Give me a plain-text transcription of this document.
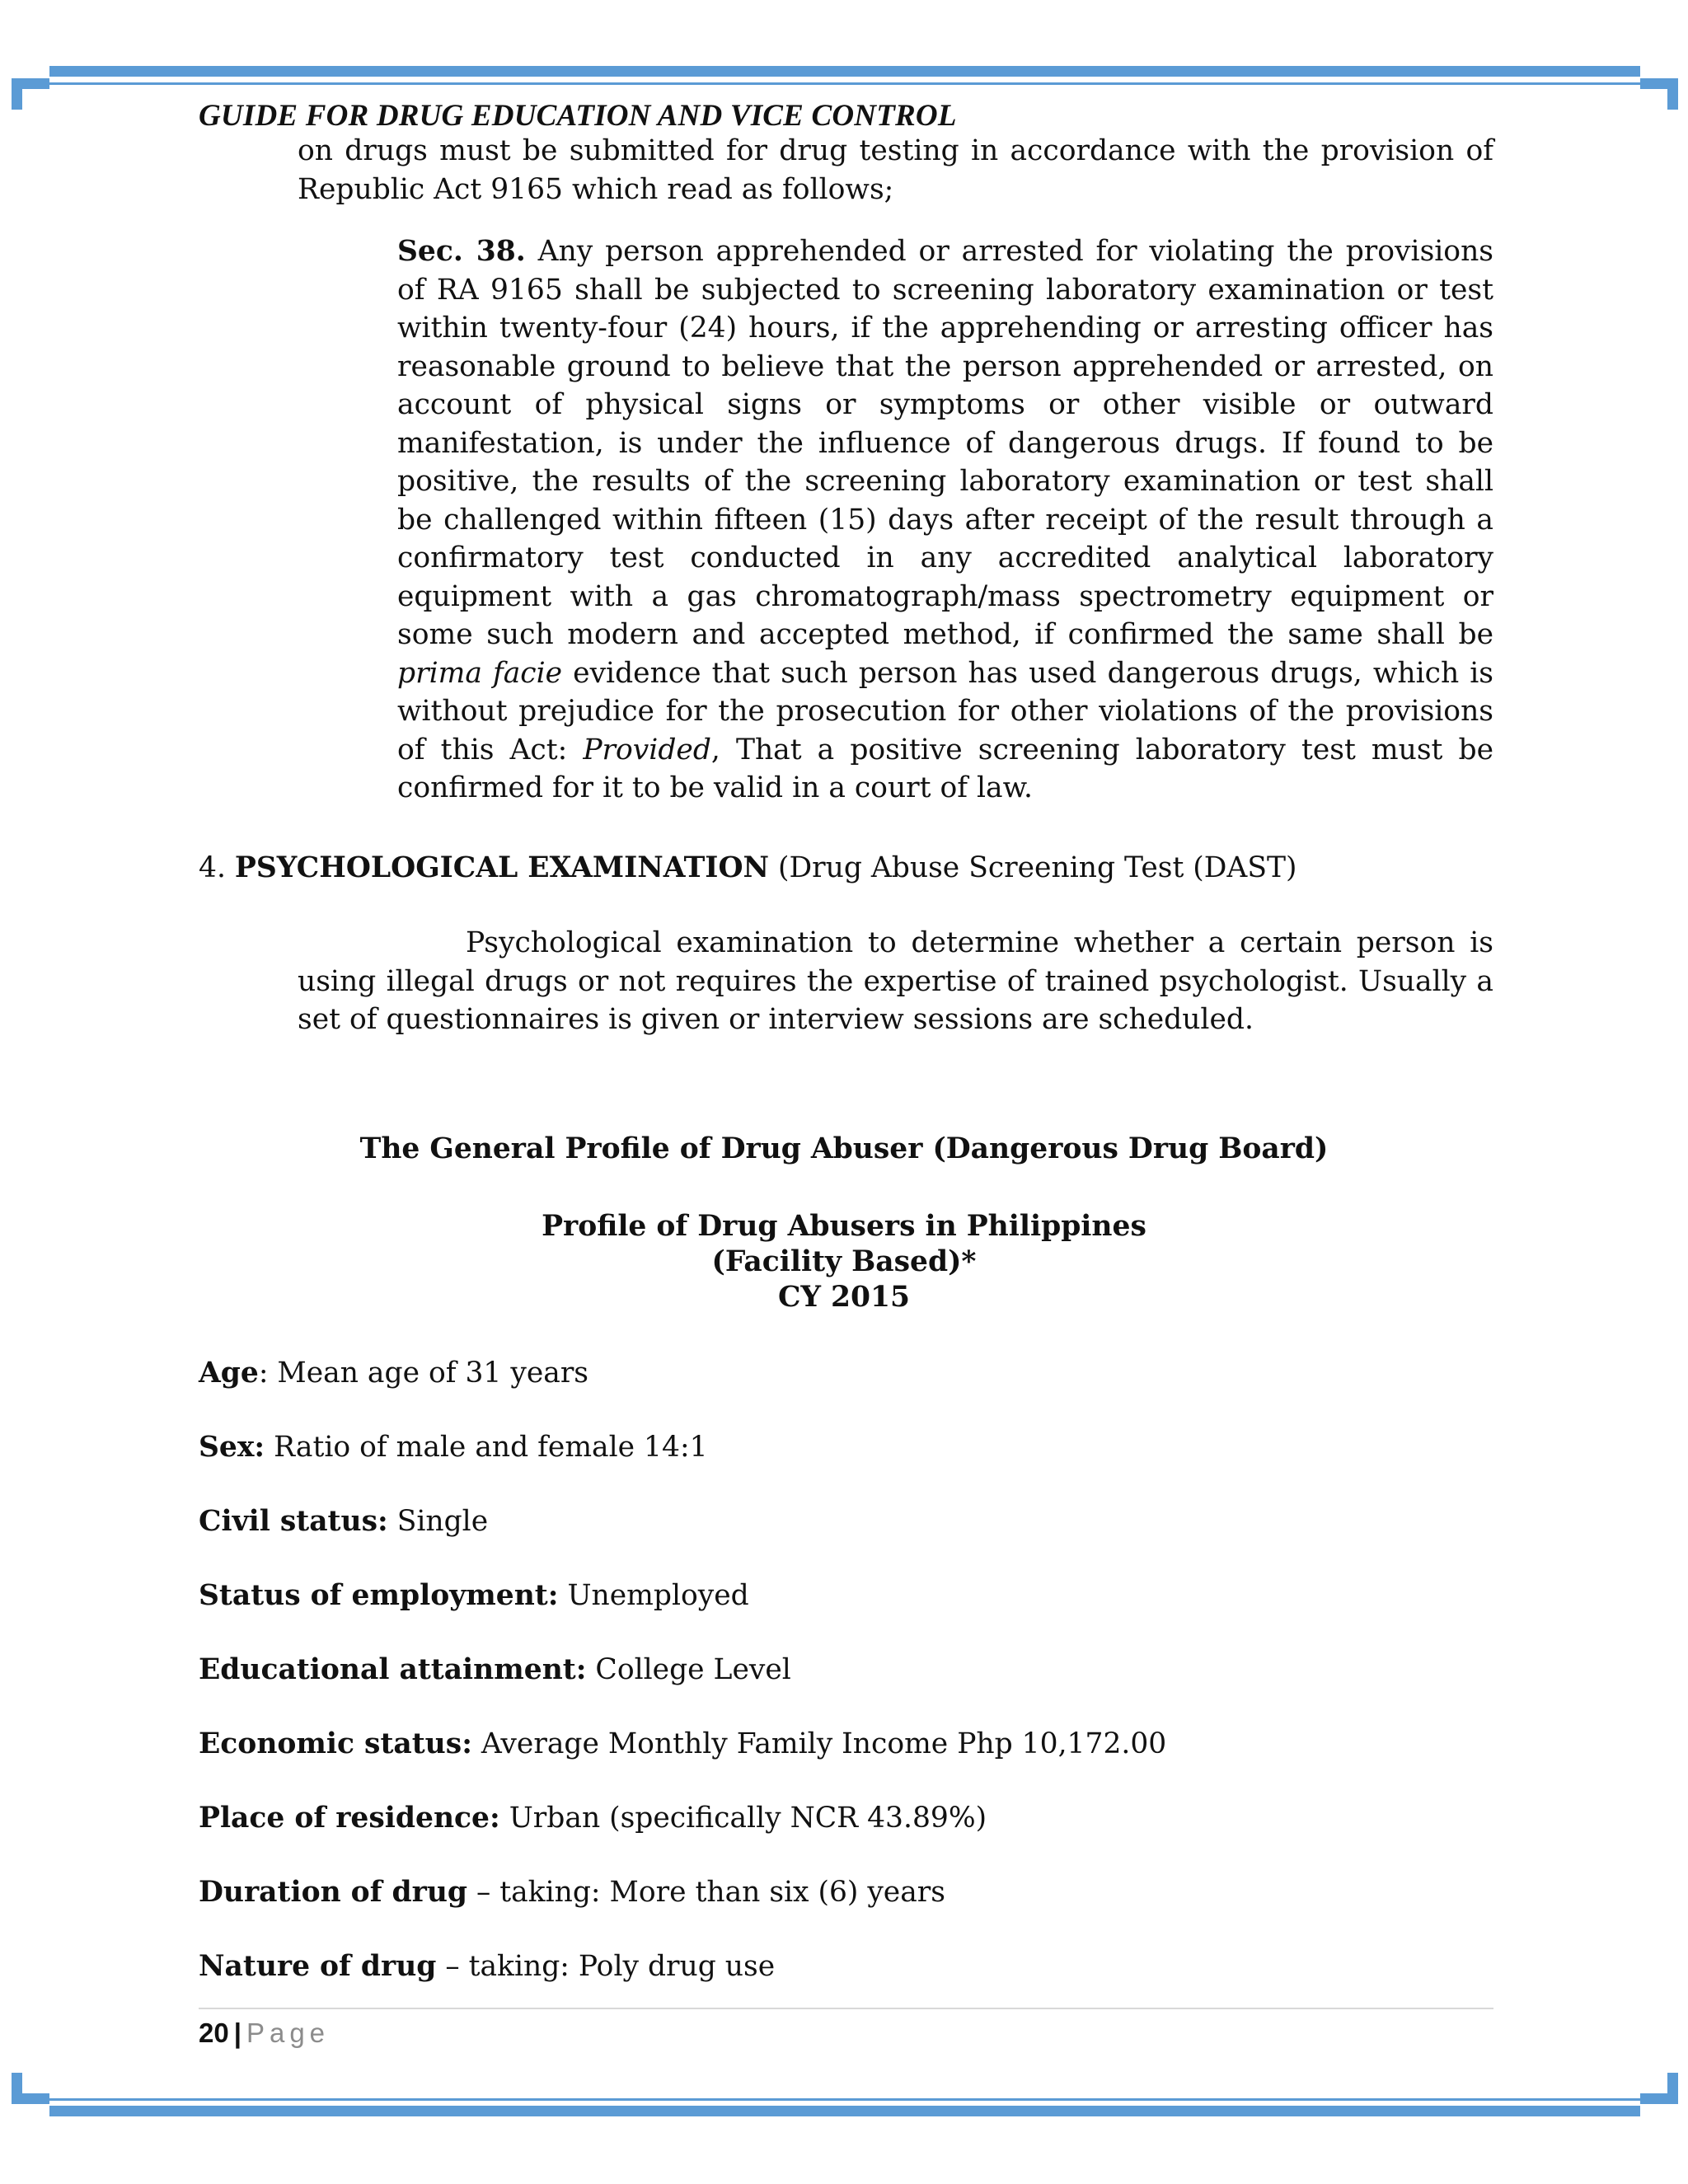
GUIDE FOR DRUG EDUCATION AND VICE CONTROL

on drugs must be submitted for drug testing in accordance with the provision of Republic Act 9165 which read as follows;

Sec. 38. Any person apprehended or arrested for violating the provisions of RA 9165 shall be subjected to screening laboratory examination or test within twenty-four (24) hours, if the apprehending or arresting officer has reasonable ground to believe that the person apprehended or arrested, on account of physical signs or symptoms or other visible or outward manifestation, is under the influence of dangerous drugs. If found to be positive, the results of the screening laboratory examination or test shall be challenged within fifteen (15) days after receipt of the result through a confirmatory test conducted in any accredited analytical laboratory equipment with a gas chromatograph/mass spectrometry equipment or some such modern and accepted method, if confirmed the same shall be prima facie evidence that such person has used dangerous drugs, which is without prejudice for the prosecution for other violations of the provisions of this Act: Provided, That a positive screening laboratory test must be confirmed for it to be valid in a court of law.

4. PSYCHOLOGICAL EXAMINATION (Drug Abuse Screening Test (DAST)

Psychological examination to determine whether a certain person is using illegal drugs or not requires the expertise of trained psychologist. Usually a set of questionnaires is given or interview sessions are scheduled.

The General Profile of Drug Abuser (Dangerous Drug Board)
Profile of Drug Abusers in Philippines
(Facility Based)*
CY 2015
Age: Mean age of 31 years
Sex: Ratio of male and female 14:1
Civil status: Single
Status of employment: Unemployed
Educational attainment: College Level
Economic status: Average Monthly Family Income Php 10,172.00
Place of residence: Urban (specifically NCR 43.89%)
Duration of drug – taking: More than six (6) years
Nature of drug – taking: Poly drug use
20 | Page
